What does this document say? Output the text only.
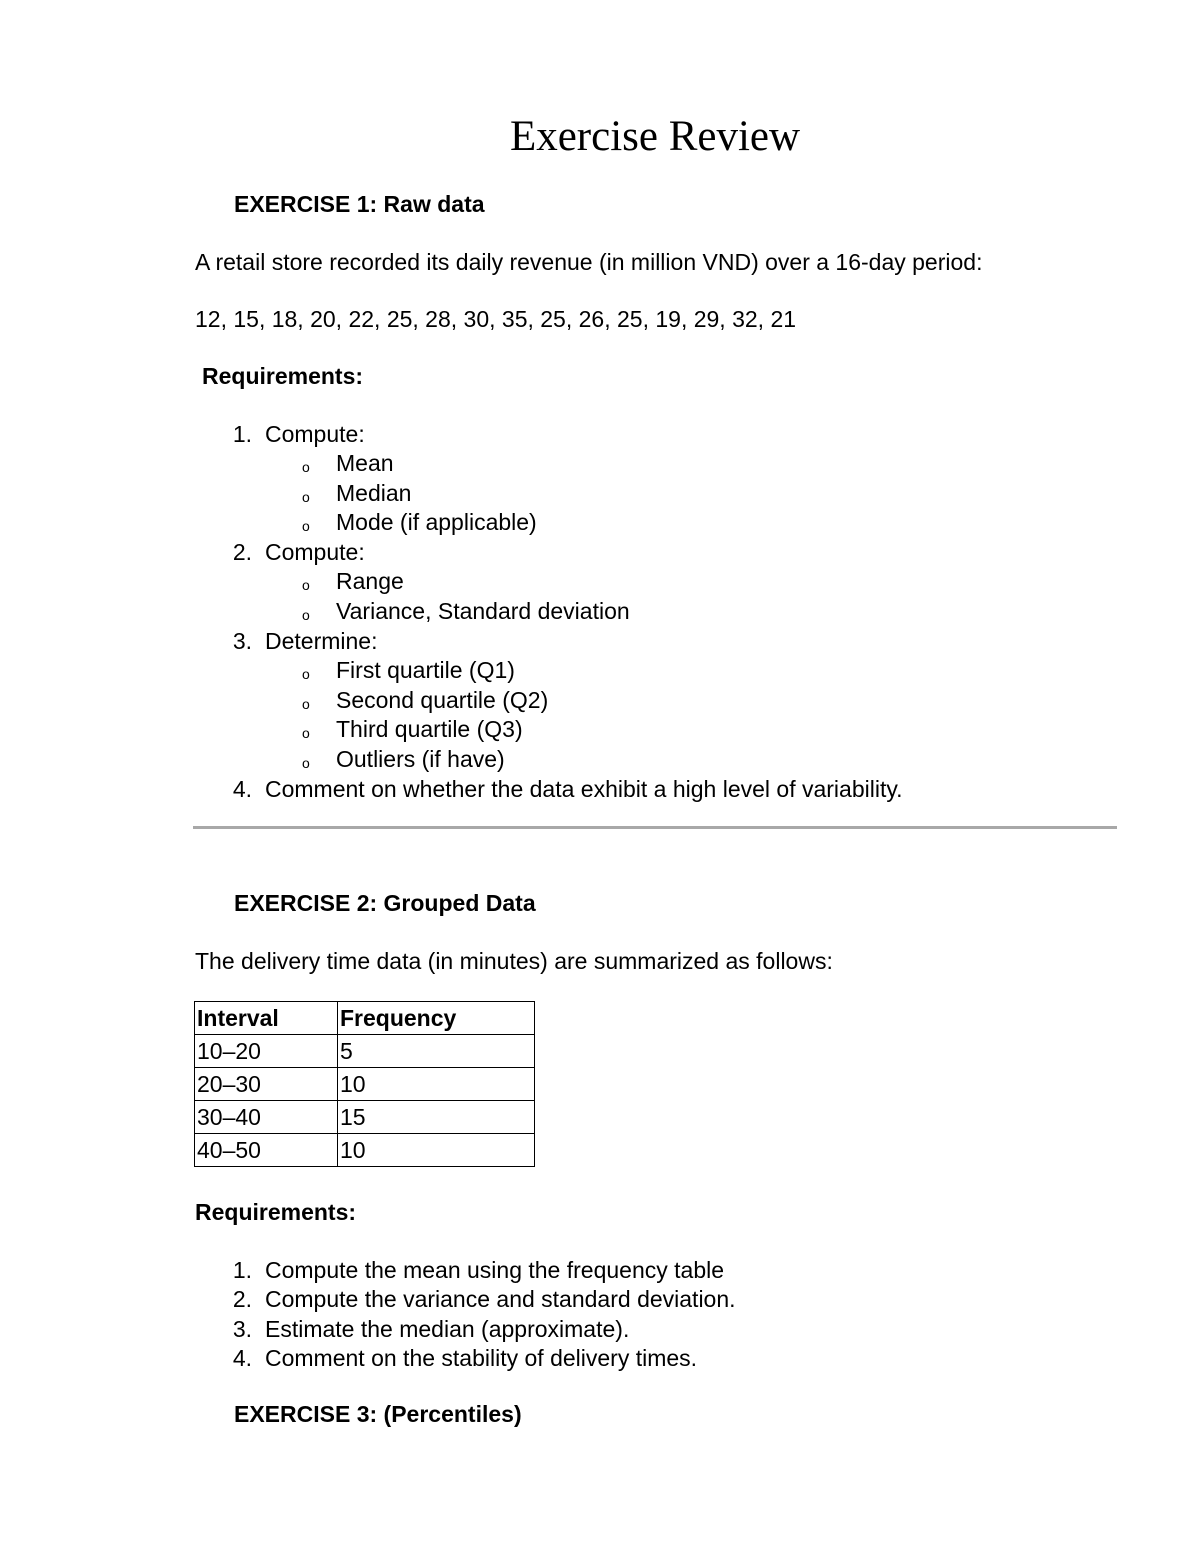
Exercise Review
EXERCISE 1: Raw data
A retail store recorded its daily revenue (in million VND) over a 16-day period:
12, 15, 18, 20, 22, 25, 28, 30, 35, 25, 26, 25, 19, 29, 32, 21
Requirements:
1. Compute:
o Mean
o Median
o Mode (if applicable)
2. Compute:
o Range
o Variance, Standard deviation
3. Determine:
o First quartile (Q1)
o Second quartile (Q2)
o Third quartile (Q3)
o Outliers (if have)
4. Comment on whether the data exhibit a high level of variability.
EXERCISE 2: Grouped Data
The delivery time data (in minutes) are summarized as follows:
Interval	Frequency
10–20	5
20–30	10
30–40	15
40–50	10
Requirements:
1. Compute the mean using the frequency table
2. Compute the variance and standard deviation.
3. Estimate the median (approximate).
4. Comment on the stability of delivery times.
EXERCISE 3: (Percentiles)
